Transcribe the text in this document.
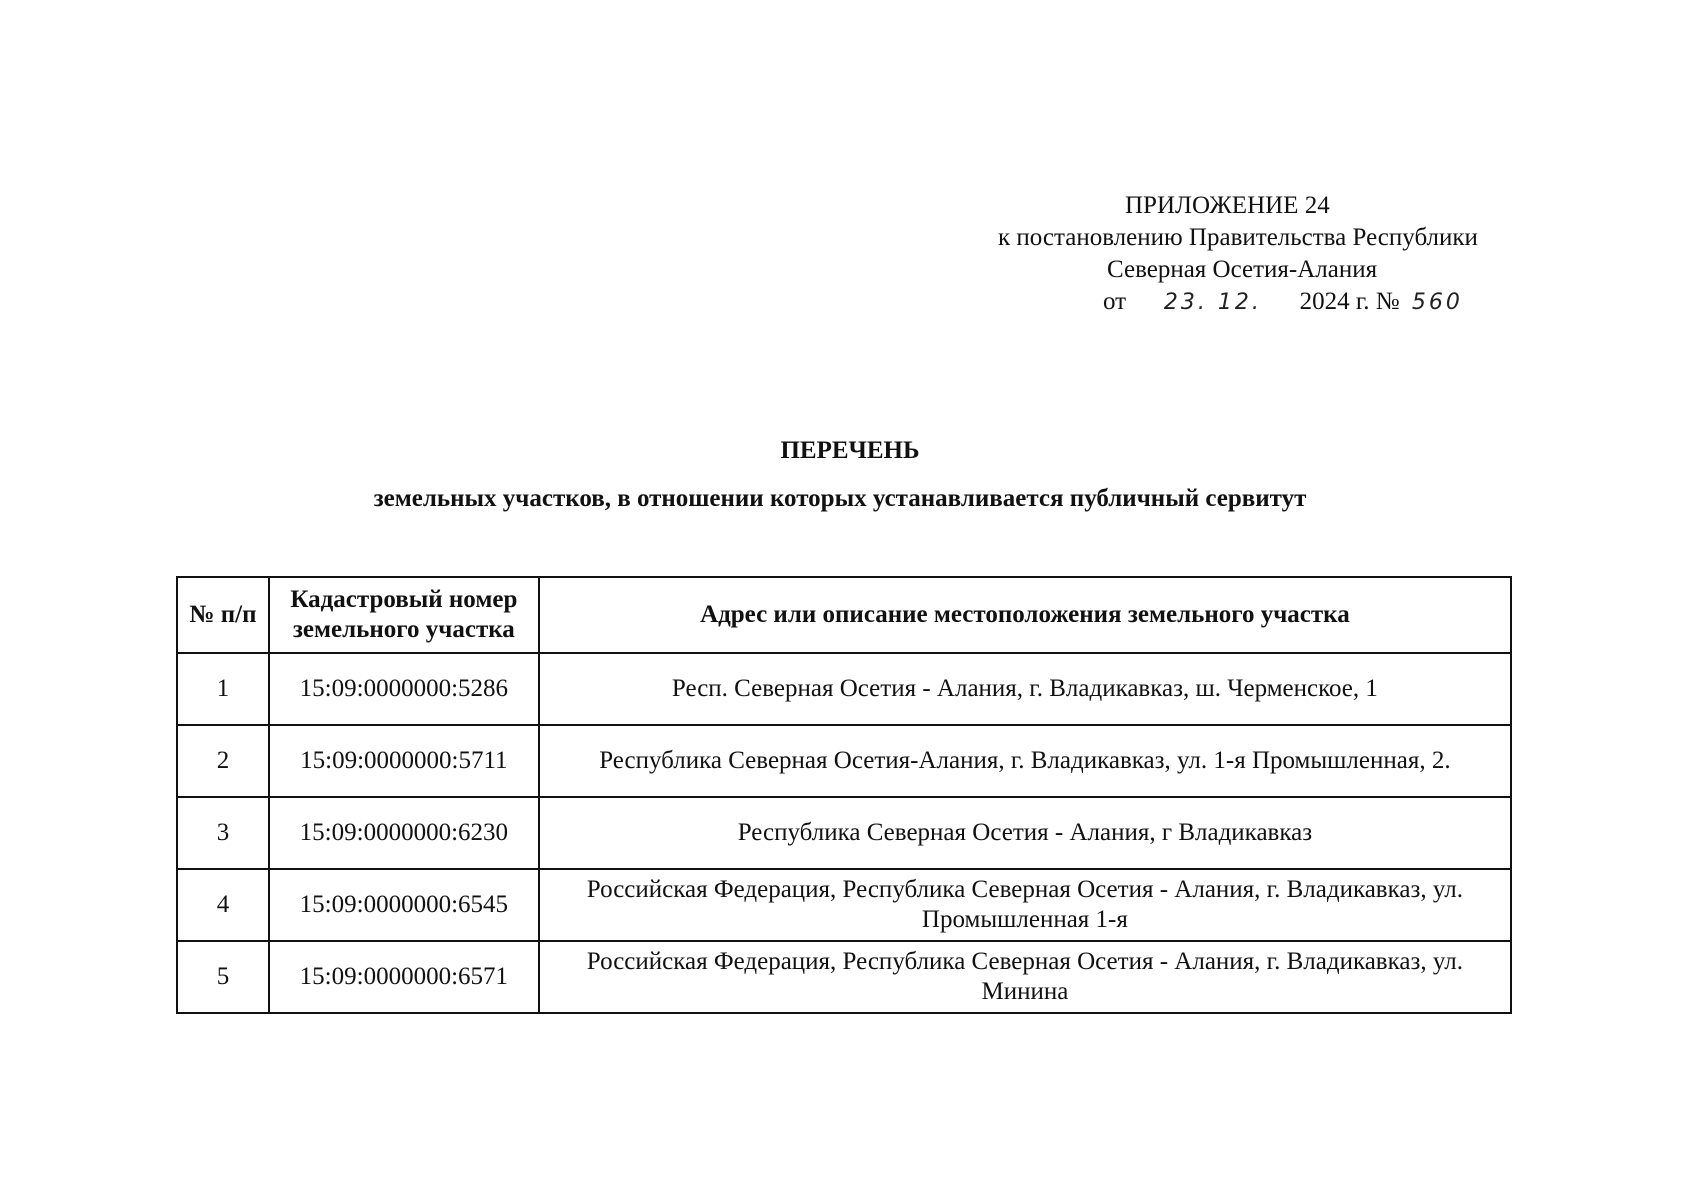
ПРИЛОЖЕНИЕ 24
к постановлению Правительства Республики
Северная Осетия-Алания
от 23. 12. 2024 г. № 560
ПЕРЕЧЕНЬ
земельных участков, в отношении которых устанавливается публичный сервитут
№ п/п	Кадастровый номер земельного участка	Адрес или описание местоположения земельного участка
1	15:09:0000000:5286	Респ. Северная Осетия - Алания, г. Владикавказ, ш. Черменское, 1
2	15:09:0000000:5711	Республика Северная Осетия-Алания, г. Владикавказ, ул. 1-я Промышленная, 2.
3	15:09:0000000:6230	Республика Северная Осетия - Алания, г Владикавказ
4	15:09:0000000:6545	Российская Федерация, Республика Северная Осетия - Алания, г. Владикавказ, ул. Промышленная 1-я
5	15:09:0000000:6571	Российская Федерация, Республика Северная Осетия - Алания, г. Владикавказ, ул. Минина
